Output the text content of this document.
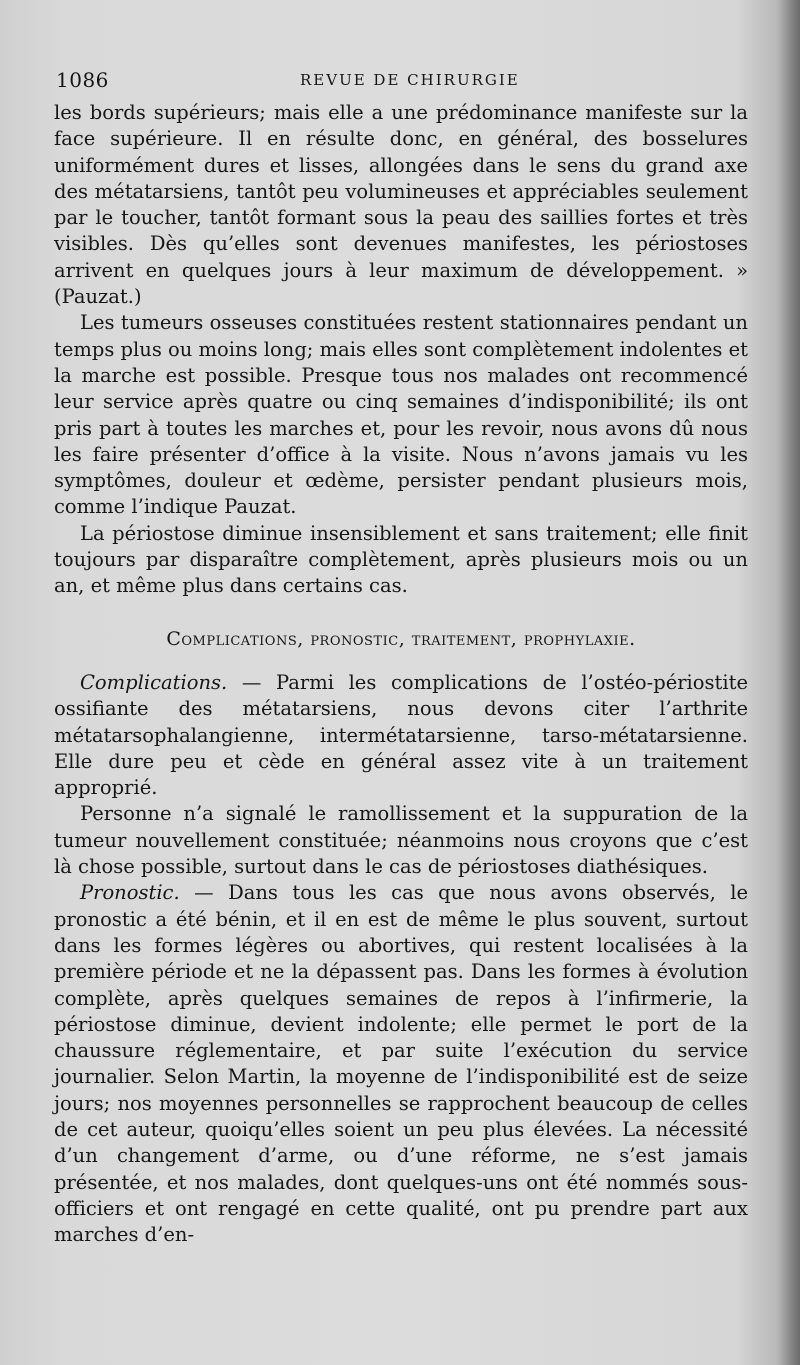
1086	REVUE DE CHIRURGIE

les bords supérieurs; mais elle a une prédominance manifeste sur la face supérieure. Il en résulte donc, en général, des bosselures uniformément dures et lisses, allongées dans le sens du grand axe des métatarsiens, tantôt peu volumineuses et appréciables seulement par le toucher, tantôt formant sous la peau des saillies fortes et très visibles. Dès qu’elles sont devenues manifestes, les périostoses arrivent en quelques jours à leur maximum de développement. » (Pauzat.)

Les tumeurs osseuses constituées restent stationnaires pendant un temps plus ou moins long; mais elles sont complètement indolentes et la marche est possible. Presque tous nos malades ont recommencé leur service après quatre ou cinq semaines d’indisponibilité; ils ont pris part à toutes les marches et, pour les revoir, nous avons dû nous les faire présenter d’office à la visite. Nous n’avons jamais vu les symptômes, douleur et œdème, persister pendant plusieurs mois, comme l’indique Pauzat.

La périostose diminue insensiblement et sans traitement; elle finit toujours par disparaître complètement, après plusieurs mois ou un an, et même plus dans certains cas.

Complications, pronostic, traitement, prophylaxie.

Complications. — Parmi les complications de l’ostéo-périostite ossifiante des métatarsiens, nous devons citer l’arthrite métatarsophalangienne, intermétatarsienne, tarso-métatarsienne. Elle dure peu et cède en général assez vite à un traitement approprié.

Personne n’a signalé le ramollissement et la suppuration de la tumeur nouvellement constituée; néanmoins nous croyons que c’est là chose possible, surtout dans le cas de périostoses diathésiques.

Pronostic. — Dans tous les cas que nous avons observés, le pronostic a été bénin, et il en est de même le plus souvent, surtout dans les formes légères ou abortives, qui restent localisées à la première période et ne la dépassent pas. Dans les formes à évolution complète, après quelques semaines de repos à l’infirmerie, la périostose diminue, devient indolente; elle permet le port de la chaussure réglementaire, et par suite l’exécution du service journalier. Selon Martin, la moyenne de l’indisponibilité est de seize jours; nos moyennes personnelles se rapprochent beaucoup de celles de cet auteur, quoiqu’elles soient un peu plus élevées. La nécessité d’un changement d’arme, ou d’une réforme, ne s’est jamais présentée, et nos malades, dont quelques-uns ont été nommés sous-officiers et ont rengagé en cette qualité, ont pu prendre part aux marches d’en-
